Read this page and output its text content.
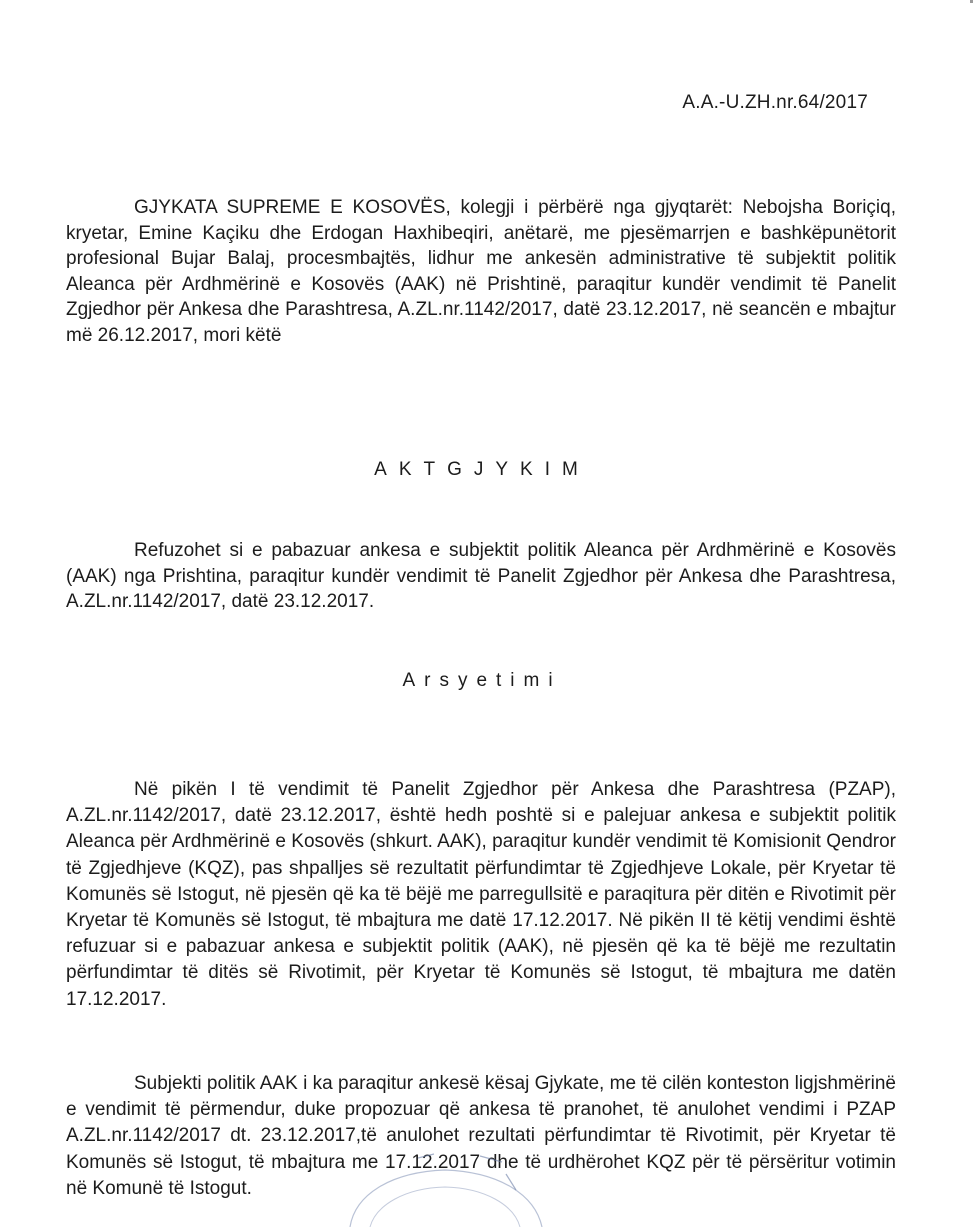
A.A.-U.ZH.nr.64/2017

GJYKATA SUPREME E KOSOVËS, kolegji i përbërë nga gjyqtarët: Nebojsha Boriçiq, kryetar, Emine Kaçiku dhe Erdogan Haxhibeqiri, anëtarë, me pjesëmarrjen e bashkëpunëtorit profesional Bujar Balaj, procesmbajtës, lidhur me ankesën administrative të subjektit politik Aleanca për Ardhmërinë e Kosovës (AAK) në Prishtinë, paraqitur kundër vendimit të Panelit Zgjedhor për Ankesa dhe Parashtresa, A.ZL.nr.1142/2017, datë 23.12.2017, në seancën e mbajtur më 26.12.2017, mori këtë

AKTGJYKIM

Refuzohet si e pabazuar ankesa e subjektit politik Aleanca për Ardhmërinë e Kosovës (AAK) nga Prishtina, paraqitur kundër vendimit të Panelit Zgjedhor për Ankesa dhe Parashtresa, A.ZL.nr.1142/2017, datë 23.12.2017.

Arsyetimi

Në pikën I të vendimit të Panelit Zgjedhor për Ankesa dhe Parashtresa (PZAP), A.ZL.nr.1142/2017, datë 23.12.2017, është hedh poshtë si e palejuar ankesa e subjektit politik Aleanca për Ardhmërinë e Kosovës (shkurt. AAK), paraqitur kundër vendimit të Komisionit Qendror të Zgjedhjeve (KQZ), pas shpalljes së rezultatit përfundimtar të Zgjedhjeve Lokale, për Kryetar të Komunës së Istogut, në pjesën që ka të bëjë me parregullsitë e paraqitura për ditën e Rivotimit për Kryetar të Komunës së Istogut, të mbajtura me datë 17.12.2017. Në pikën II të këtij vendimi është refuzuar si e pabazuar ankesa e subjektit politik (AAK), në pjesën që ka të bëjë me rezultatin përfundimtar të ditës së Rivotimit, për Kryetar të Komunës së Istogut, të mbajtura me datën 17.12.2017.

Subjekti politik AAK i ka paraqitur ankesë kësaj Gjykate, me të cilën konteston ligjshmërinë e vendimit të përmendur, duke propozuar që ankesa të pranohet, të anulohet vendimi i PZAP A.ZL.nr.1142/2017 dt. 23.12.2017,të anulohet rezultati përfundimtar të Rivotimit, për Kryetar të Komunës së Istogut, të mbajtura me 17.12.2017 dhe të urdhërohet KQZ për të përsëritur votimin në Komunë të Istogut.
